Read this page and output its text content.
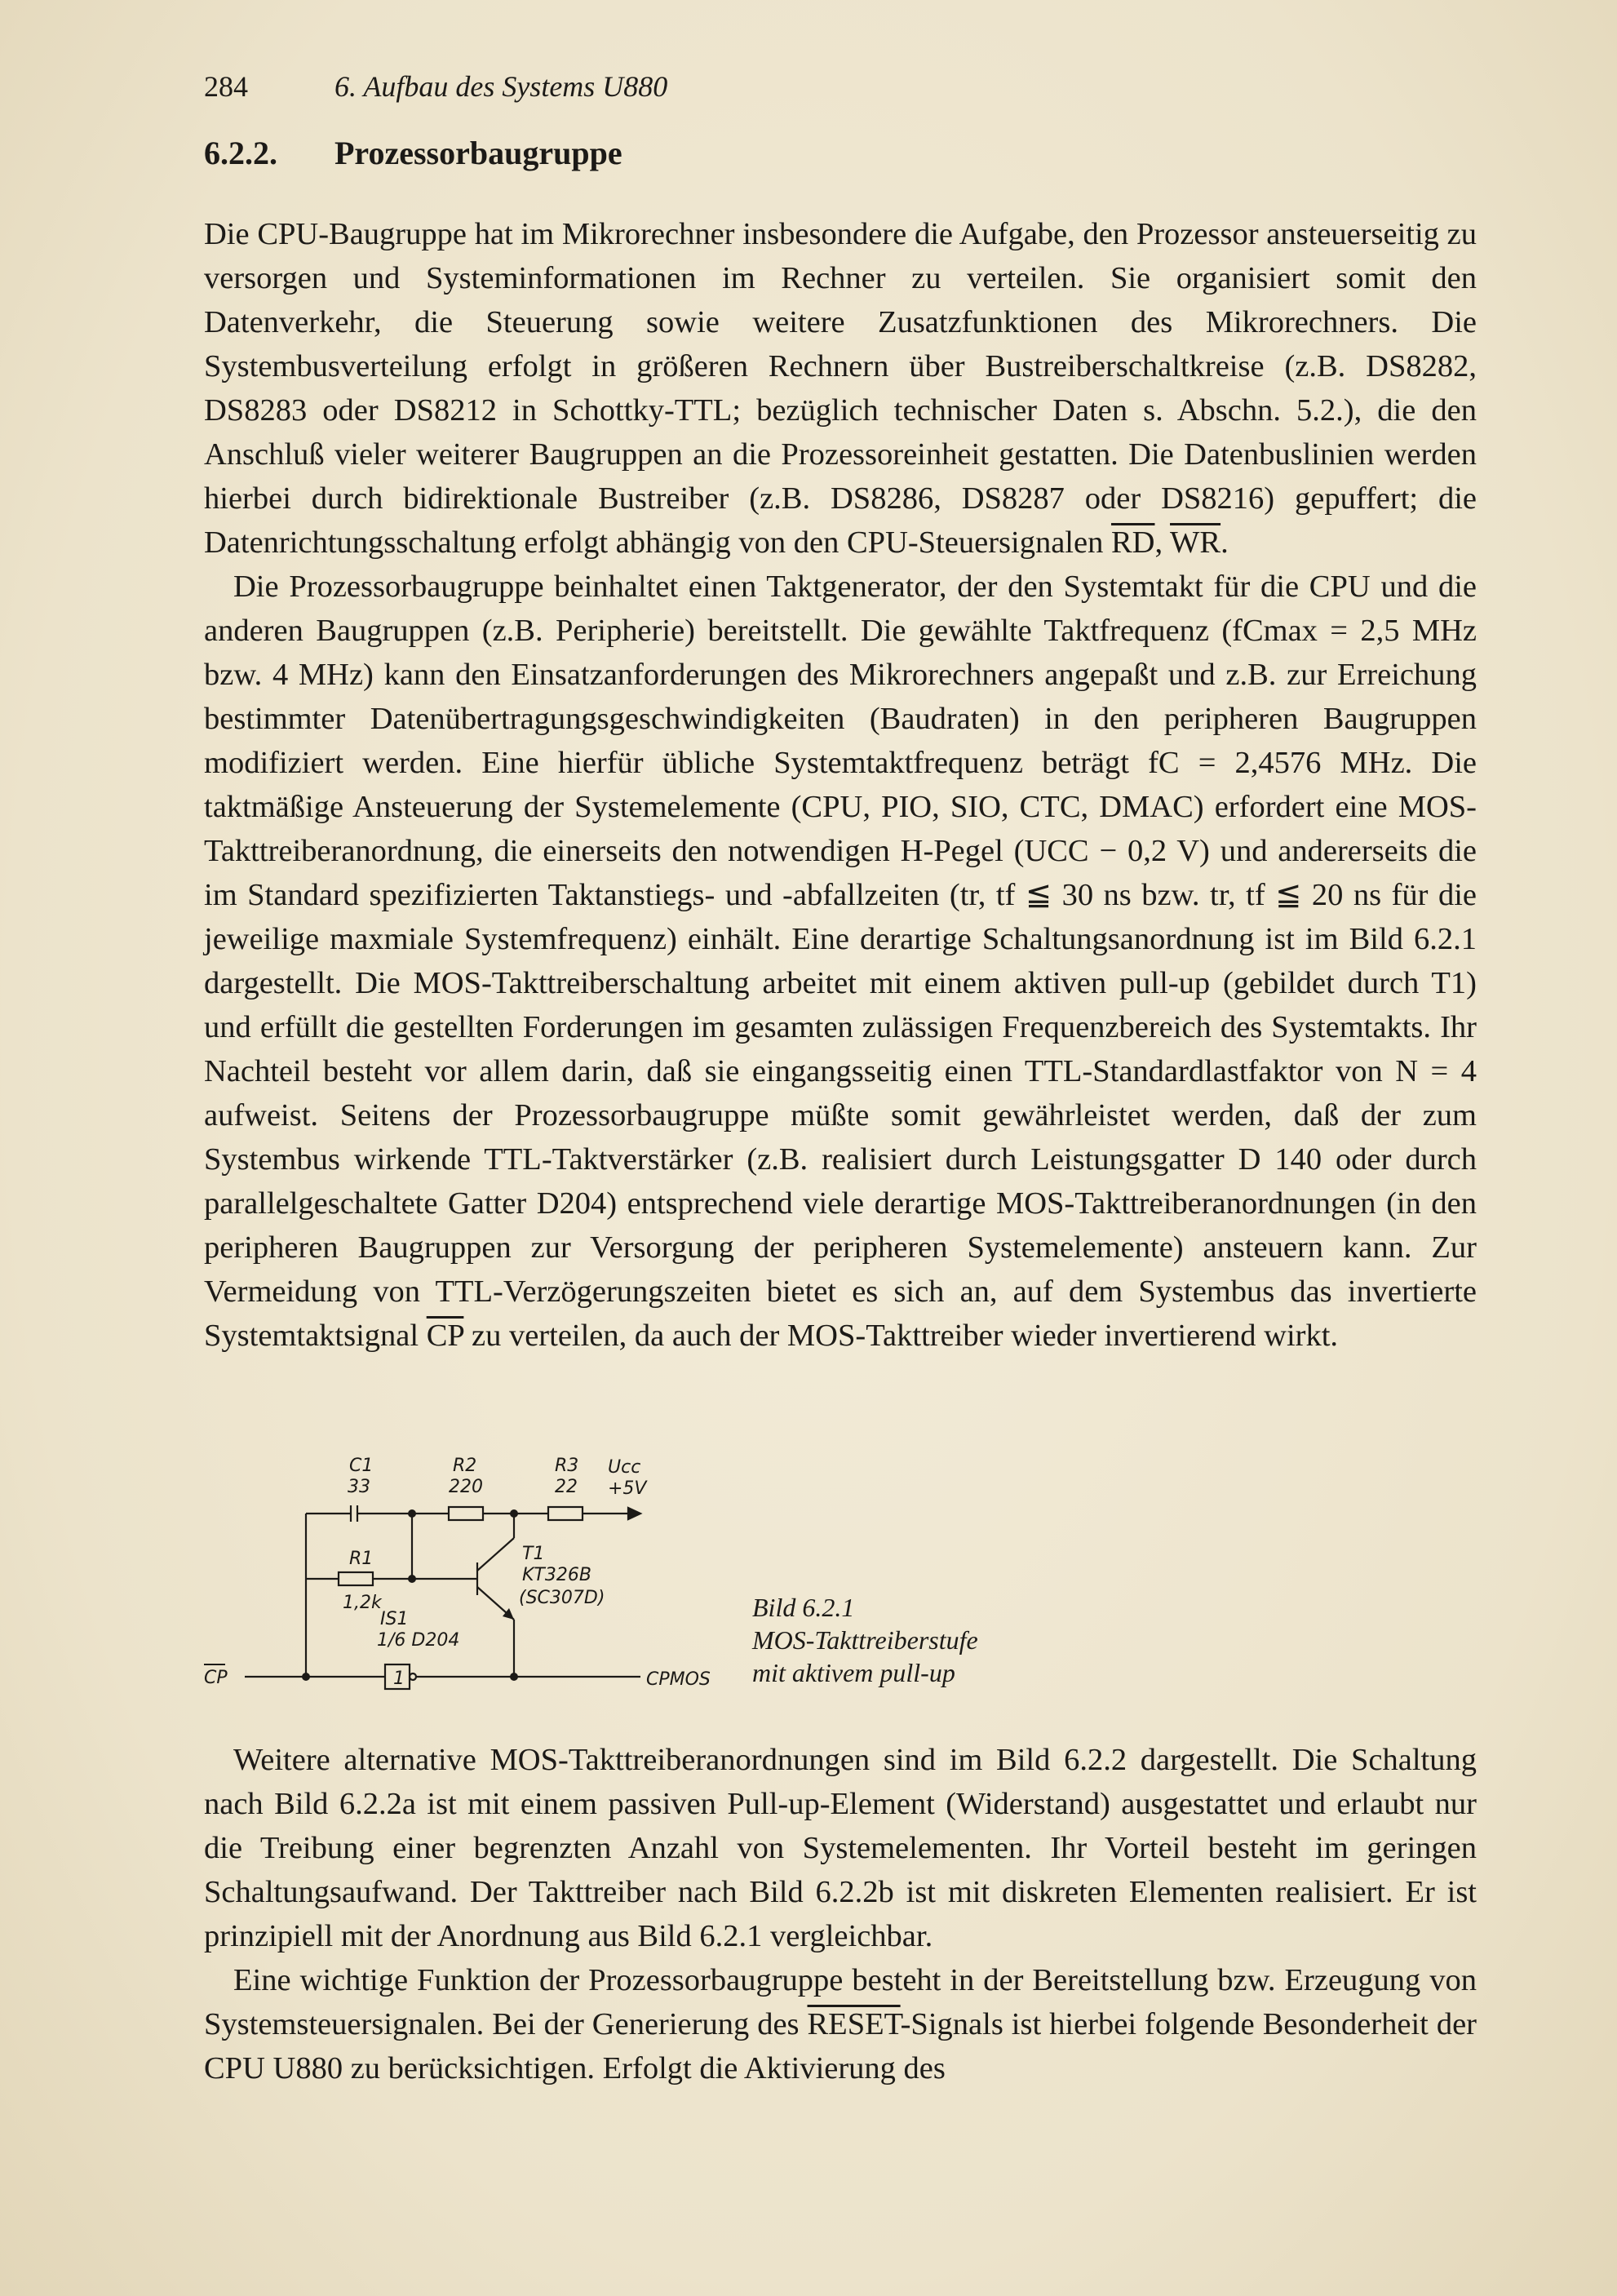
284	6. Aufbau des Systems U880
6.2.2. Prozessorbaugruppe

Die CPU-Baugruppe hat im Mikrorechner insbesondere die Aufgabe, den Prozessor ansteuerseitig zu versorgen und Systeminformationen im Rechner zu verteilen. Sie organisiert somit den Datenverkehr, die Steuerung sowie weitere Zusatzfunktionen des Mikrorechners. Die Systembusverteilung erfolgt in größeren Rechnern über Bustreiberschaltkreise (z.B. DS8282, DS8283 oder DS8212 in Schottky-TTL; bezüglich technischer Daten s. Abschn. 5.2.), die den Anschluß vieler weiterer Baugruppen an die Prozessoreinheit gestatten. Die Datenbuslinien werden hierbei durch bidirektionale Bustreiber (z.B. DS8286, DS8287 oder DS8216) gepuffert; die Datenrichtungsschaltung erfolgt abhängig von den CPU-Steuersignalen $\overline{RD}$, $\overline{WR}$.

Die Prozessorbaugruppe beinhaltet einen Taktgenerator, der den Systemtakt für die CPU und die anderen Baugruppen (z.B. Peripherie) bereitstellt. Die gewählte Taktfrequenz (fCmax = 2,5 MHz bzw. 4 MHz) kann den Einsatzanforderungen des Mikrorechners angepaßt und z.B. zur Erreichung bestimmter Datenübertragungsgeschwindigkeiten (Baudraten) in den peripheren Baugruppen modifiziert werden. Eine hierfür übliche Systemtaktfrequenz beträgt fC = 2,4576 MHz. Die taktmäßige Ansteuerung der Systemelemente (CPU, PIO, SIO, CTC, DMAC) erfordert eine MOS-Takttreiberanordnung, die einerseits den notwendigen H-Pegel (UCC − 0,2 V) und andererseits die im Standard spezifizierten Taktanstiegs- und -abfallzeiten (tr, tf ≦ 30 ns bzw. tr, tf ≦ 20 ns für die jeweilige maxmiale Systemfrequenz) einhält. Eine derartige Schaltungsanordnung ist im Bild 6.2.1 dargestellt. Die MOS-Takttreiberschaltung arbeitet mit einem aktiven pull-up (gebildet durch T1) und erfüllt die gestellten Forderungen im gesamten zulässigen Frequenzbereich des Systemtakts. Ihr Nachteil besteht vor allem darin, daß sie eingangsseitig einen TTL-Standardlastfaktor von N = 4 aufweist. Seitens der Prozessorbaugruppe müßte somit gewährleistet werden, daß der zum Systembus wirkende TTL-Taktverstärker (z.B. realisiert durch Leistungsgatter D 140 oder durch parallelgeschaltete Gatter D204) entsprechend viele derartige MOS-Takttreiberanordnungen (in den peripheren Baugruppen zur Versorgung der peripheren Systemelemente) ansteuern kann. Zur Vermeidung von TTL-Verzögerungszeiten bietet es sich an, auf dem Systembus das invertierte Systemtaktsignal $\overline{CP}$ zu verteilen, da auch der MOS-Takttreiber wieder invertierend wirkt.

C1
33
R2
220
R3
22
Ucc
+5V
R1
1,2k
T1
KT326B
(SC307D)
IS1
1/6 D204
1
CP	CPMOS
Bild 6.2.1
MOS-Takttreiberstufe
mit aktivem pull-up

Weitere alternative MOS-Takttreiberanordnungen sind im Bild 6.2.2 dargestellt. Die Schaltung nach Bild 6.2.2a ist mit einem passiven Pull-up-Element (Widerstand) ausgestattet und erlaubt nur die Treibung einer begrenzten Anzahl von Systemelementen. Ihr Vorteil besteht im geringen Schaltungsaufwand. Der Takttreiber nach Bild 6.2.2b ist mit diskreten Elementen realisiert. Er ist prinzipiell mit der Anordnung aus Bild 6.2.1 vergleichbar.

Eine wichtige Funktion der Prozessorbaugruppe besteht in der Bereitstellung bzw. Erzeugung von Systemsteuersignalen. Bei der Generierung des RESET-Signals ist hierbei folgende Besonderheit der CPU U880 zu berücksichtigen. Erfolgt die Aktivierung des
